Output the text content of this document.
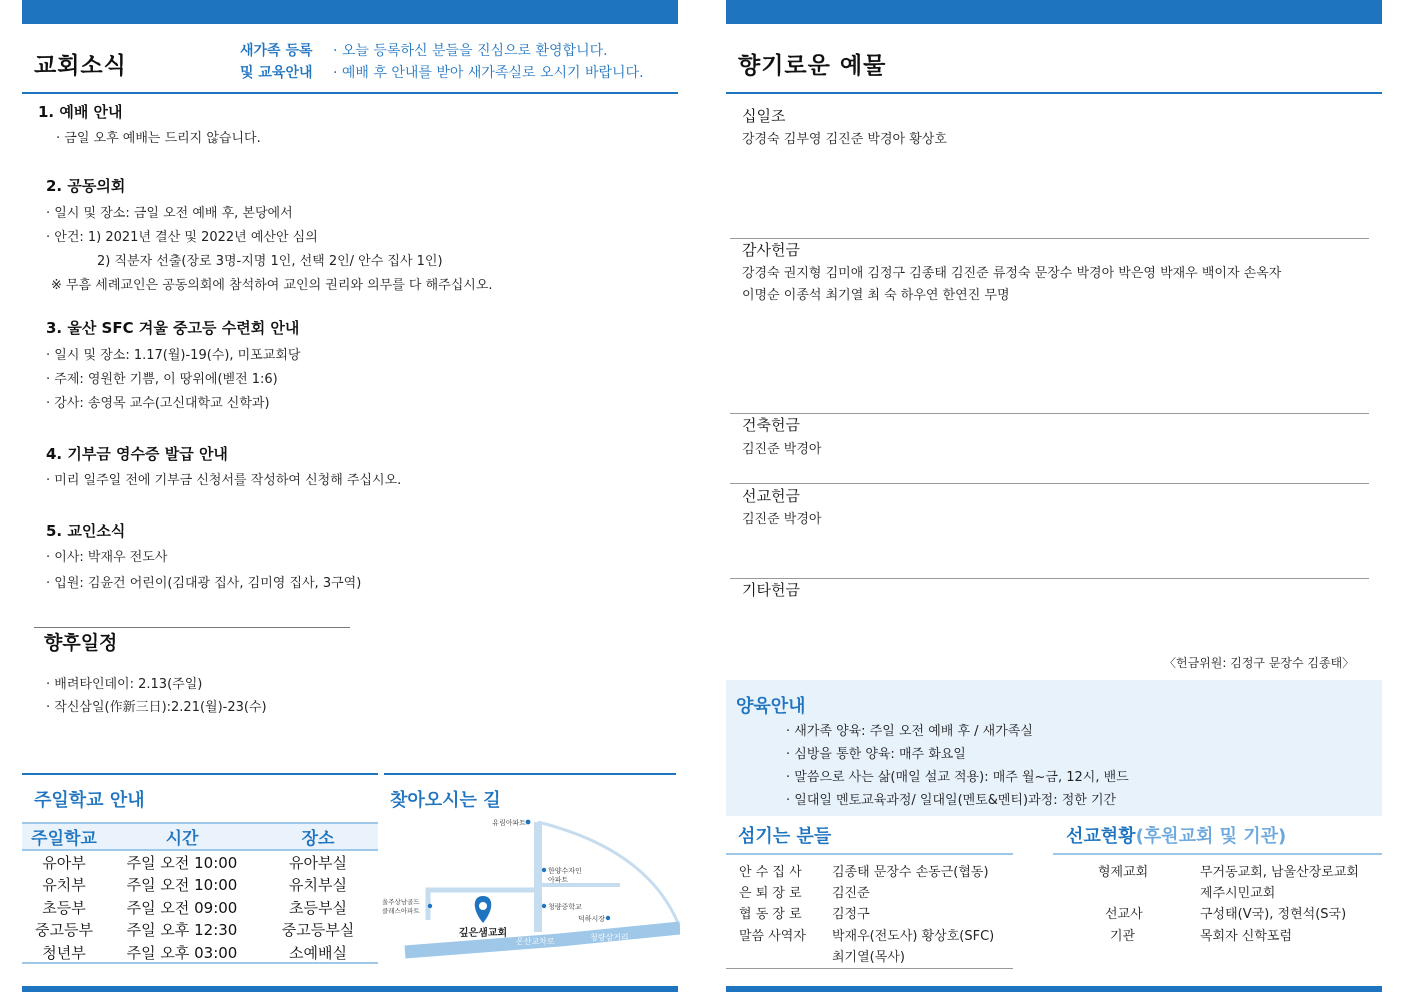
교회소식
새가족 등록
및 교육안내
· 오늘 등록하신 분들을 진심으로 환영합니다.
· 예배 후 안내를 받아 새가족실로 오시기 바랍니다.
1. 예배 안내
· 금일 오후 예배는 드리지 않습니다.
2. 공동의회
· 일시 및 장소: 금일 오전 예배 후, 본당에서
· 안건: 1) 2021년 결산 및 2022년 예산안 심의
2) 직분자 선출(장로 3명-지명 1인, 선택 2인/ 안수 집사 1인)
※ 무흠 세례교인은 공동의회에 참석하여 교인의 권리와 의무를 다 해주십시오.
3. 울산 SFC 겨울 중고등 수련회 안내
· 일시 및 장소: 1.17(월)-19(수), 미포교회당
· 주제: 영원한 기쁨, 이 땅위에(벧전 1:6)
· 강사: 송영목 교수(고신대학교 신학과)
4. 기부금 영수증 발급 안내
· 미리 일주일 전에 기부금 신청서를 작성하여 신청해 주십시오.
5. 교인소식
· 이사: 박재우 전도사
· 입원: 김윤건 어린이(김대광 집사, 김미영 집사, 3구역)
향후일정
· 배려타인데이: 2.13(주일)
· 작신삼일(作新三日):2.21(월)-23(수)
주일학교 안내
주일학교	시간	장소
유아부	주일 오전 10:00	유아부실
유치부	주일 오전 10:00	유치부실
초등부	주일 오전 09:00	초등부실
중고등부	주일 오후 12:30	중고등부실
청년부	주일 오후 03:00	소예배실
찾아오시는 길
유림아파트
한양수자인
아파트
울주상남골드
클래스아파트	청량중학교
덕하시장
깊은샘교회
온산교차로	청량삼거리
향기로운 예물
십일조
강경숙 김부영 김진준 박경아 황상호
감사헌금
강경숙 권지형 김미애 김정구 김종태 김진준 류정숙 문장수 박경아 박은영 박재우 백이자 손옥자
이명순 이종석 최기열 최 숙 하우연 한연진 무명
건축헌금
김진준 박경아
선교헌금
김진준 박경아
기타헌금
〈헌금위원: 김정구 문장수 김종태〉
양육안내
· 새가족 양육: 주일 오전 예배 후 / 새가족실
· 심방을 통한 양육: 매주 화요일
· 말씀으로 사는 삶(매일 설교 적용): 매주 월~금, 12시, 밴드
· 일대일 멘토교육과정/ 일대일(멘토&멘티)과정: 정한 기간
섬기는 분들
안 수 집 사 김종태 문장수 손동근(협동)
은 퇴 장 로 김진준
협 동 장 로 김정구
말씀 사역자 박재우(전도사) 황상호(SFC)
최기열(목사)
선교현황(후원교회 및 기관)
형제교회	무거동교회, 남울산장로교회
제주시민교회
선교사	구성태(V국), 정현석(S국)
기관	목회자 신학포럼
